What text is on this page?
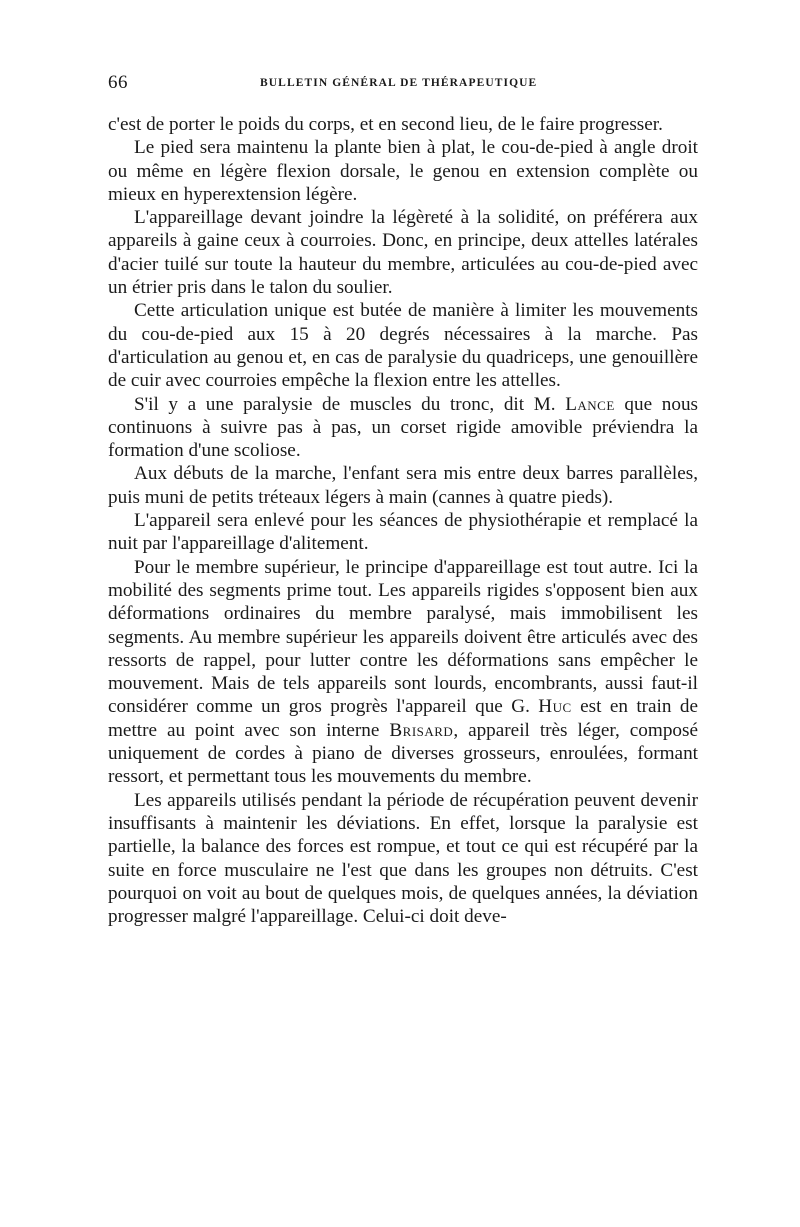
66	BULLETIN GÉNÉRAL DE THÉRAPEUTIQUE

c'est de porter le poids du corps, et en second lieu, de le faire progresser.

Le pied sera maintenu la plante bien à plat, le cou-de-pied à angle droit ou même en légère flexion dorsale, le genou en extension complète ou mieux en hyperextension légère.

L'appareillage devant joindre la légèreté à la solidité, on préférera aux appareils à gaine ceux à courroies. Donc, en principe, deux attelles latérales d'acier tuilé sur toute la hauteur du membre, articulées au cou-de-pied avec un étrier pris dans le talon du soulier.

Cette articulation unique est butée de manière à limiter les mouvements du cou-de-pied aux 15 à 20 degrés nécessaires à la marche. Pas d'articulation au genou et, en cas de paralysie du quadriceps, une genouillère de cuir avec courroies empêche la flexion entre les attelles.

S'il y a une paralysie de muscles du tronc, dit M. Lance que nous continuons à suivre pas à pas, un corset rigide amovible préviendra la formation d'une scoliose.

Aux débuts de la marche, l'enfant sera mis entre deux barres parallèles, puis muni de petits tréteaux légers à main (cannes à quatre pieds).

L'appareil sera enlevé pour les séances de physiothérapie et remplacé la nuit par l'appareillage d'alitement.

Pour le membre supérieur, le principe d'appareillage est tout autre. Ici la mobilité des segments prime tout. Les appareils rigides s'opposent bien aux déformations ordinaires du membre paralysé, mais immobilisent les segments. Au membre supérieur les appareils doivent être articulés avec des ressorts de rappel, pour lutter contre les déformations sans empêcher le mouvement. Mais de tels appareils sont lourds, encombrants, aussi faut-il considérer comme un gros progrès l'appareil que G. Huc est en train de mettre au point avec son interne Brisard, appareil très léger, composé uniquement de cordes à piano de diverses grosseurs, enroulées, formant ressort, et permettant tous les mouvements du membre.

Les appareils utilisés pendant la période de récupération peuvent devenir insuffisants à maintenir les déviations. En effet, lorsque la paralysie est partielle, la balance des forces est rompue, et tout ce qui est récupéré par la suite en force musculaire ne l'est que dans les groupes non détruits. C'est pourquoi on voit au bout de quelques mois, de quelques années, la déviation progresser malgré l'appareillage. Celui-ci doit deve-
